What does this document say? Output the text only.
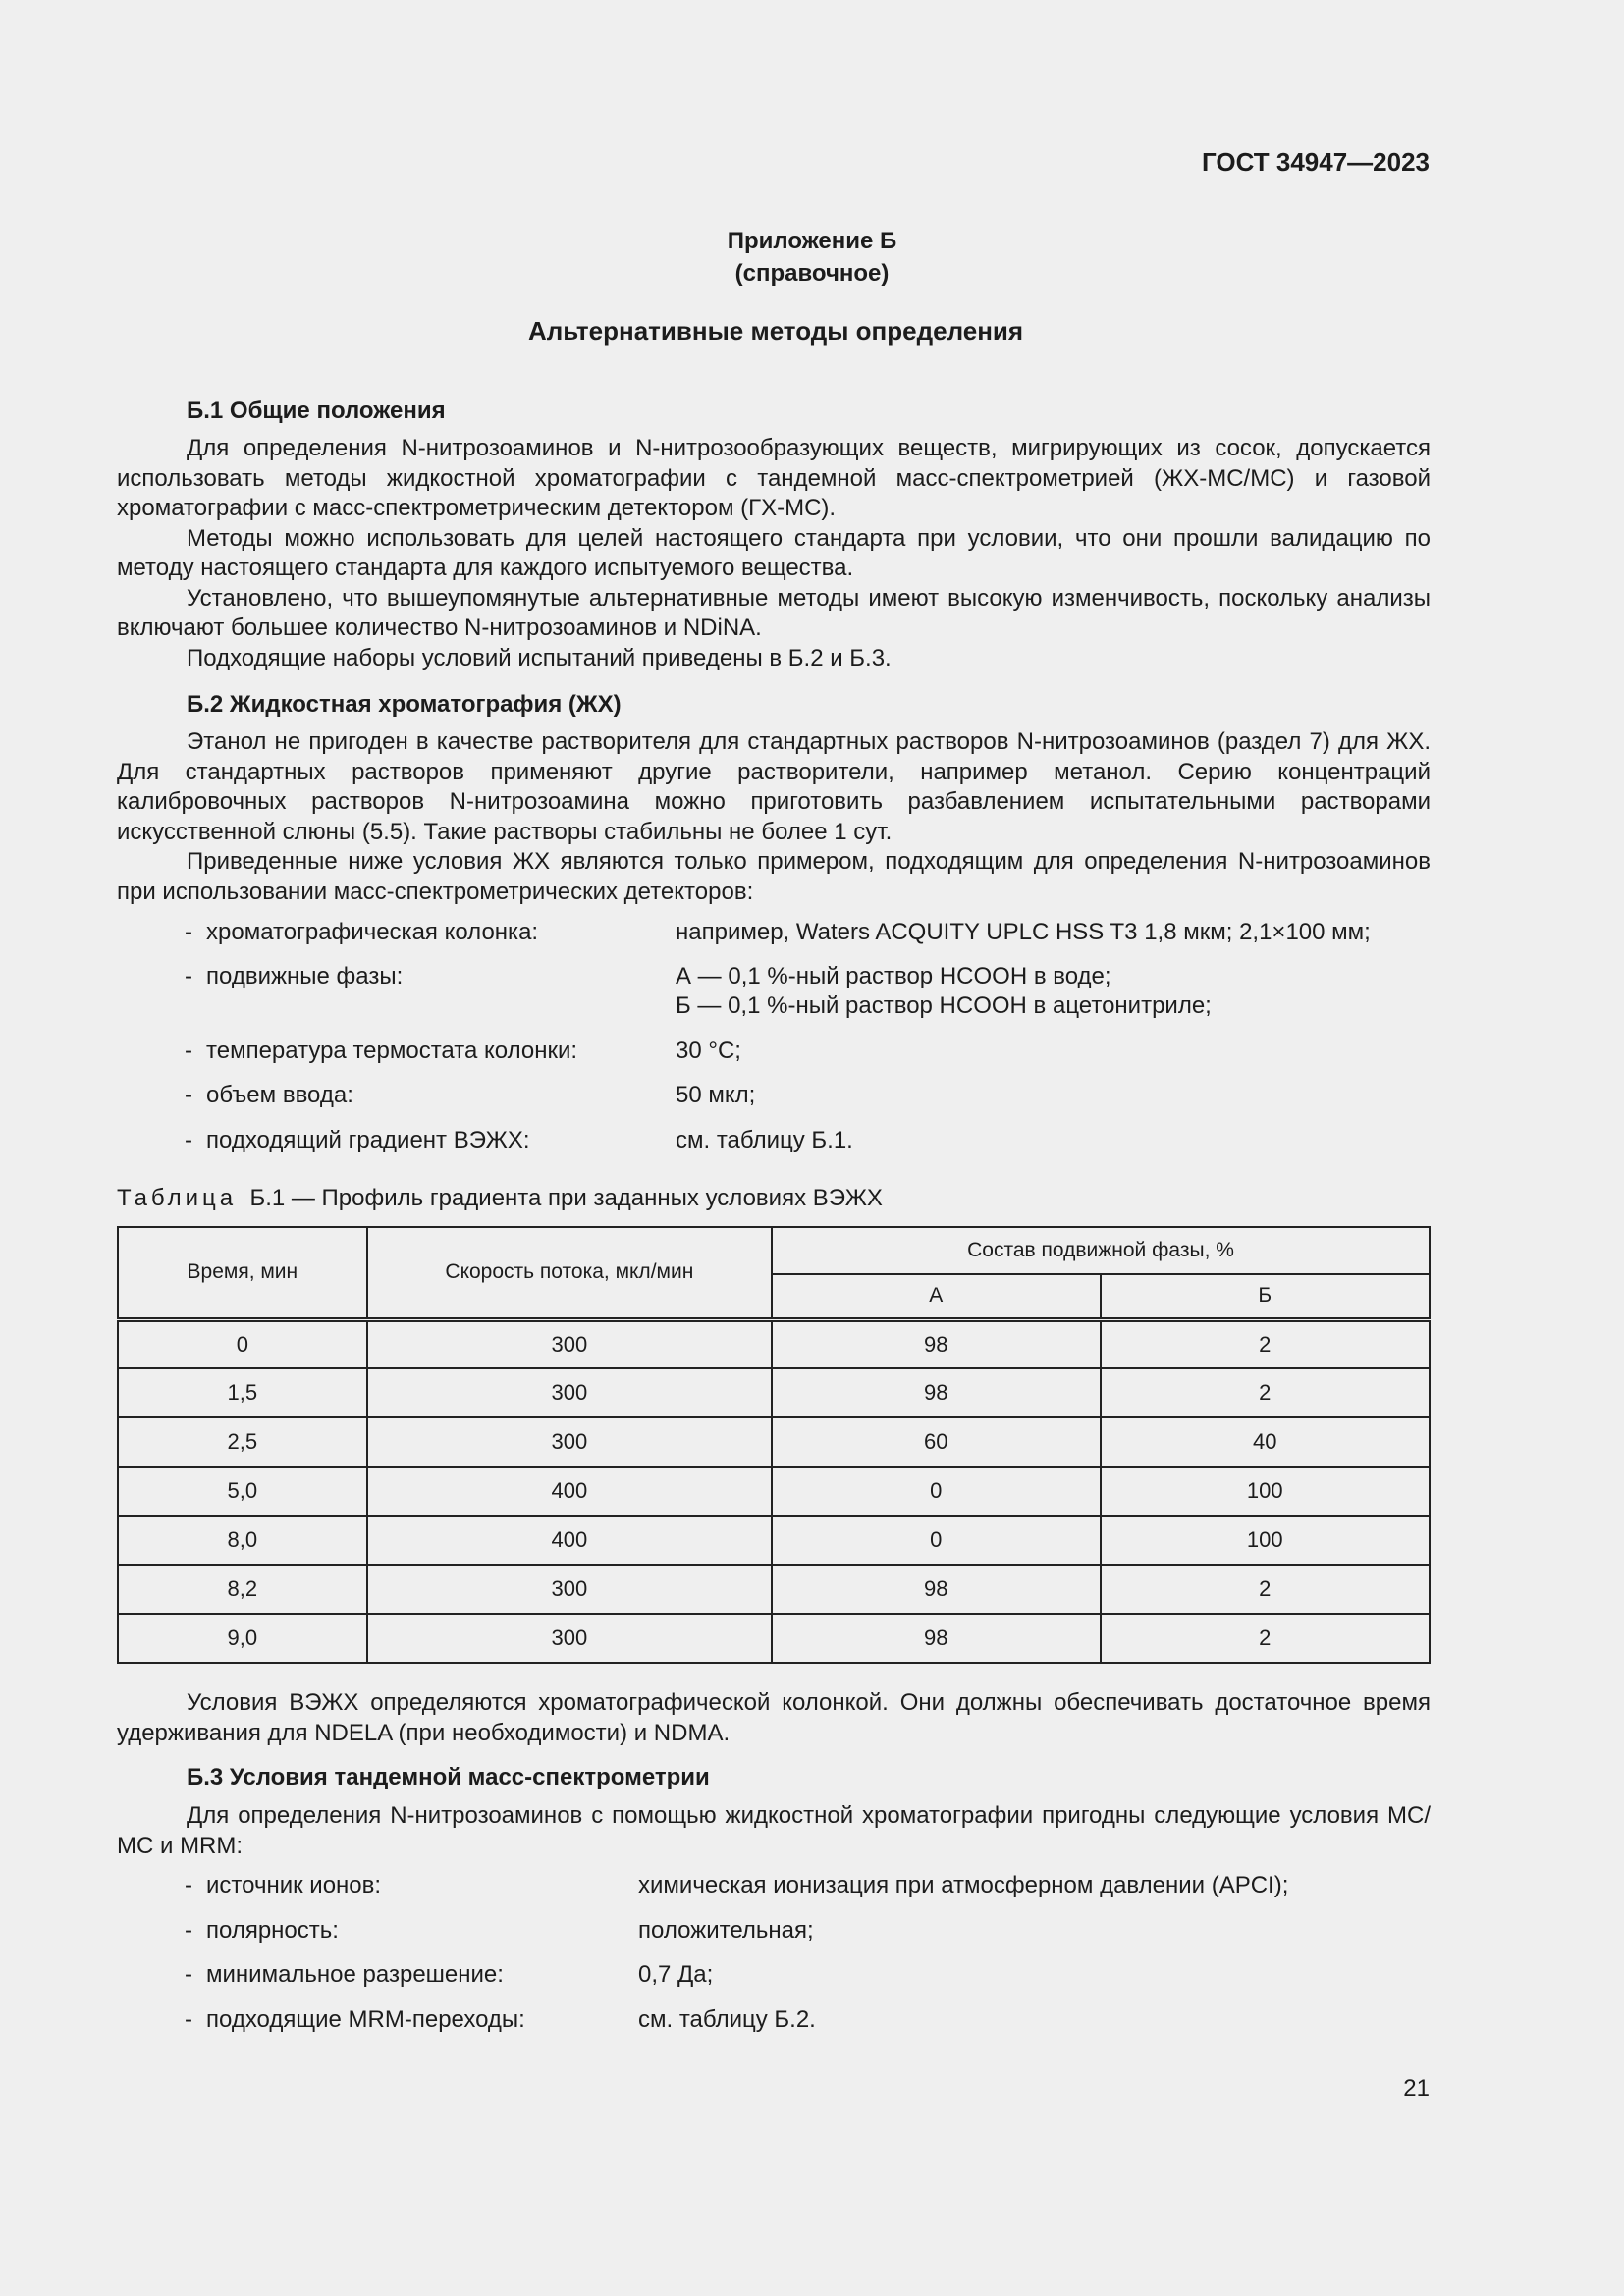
ГОСТ 34947—2023
Приложение Б
(справочное)
Альтернативные методы определения
Б.1 Общие положения

Для определения N-нитрозоаминов и N-нитрозообразующих веществ, мигрирующих из сосок, допускается использовать методы жидкостной хроматографии с тандемной масс-спектрометрией (ЖХ-МС/МС) и газовой хроматографии с масс-спектрометрическим детектором (ГХ-МС).

Методы можно использовать для целей настоящего стандарта при условии, что они прошли валидацию по методу настоящего стандарта для каждого испытуемого вещества.

Установлено, что вышеупомянутые альтернативные методы имеют высокую изменчивость, поскольку анализы включают большее количество N-нитрозоаминов и NDiNA.

Подходящие наборы условий испытаний приведены в Б.2 и Б.3.

Б.2 Жидкостная хроматография (ЖХ)

Этанол не пригоден в качестве растворителя для стандартных растворов N-нитрозоаминов (раздел 7) для ЖХ. Для стандартных растворов применяют другие растворители, например метанол. Серию концентраций калибровочных растворов N-нитрозоамина можно приготовить разбавлением испытательными растворами искусственной слюны (5.5). Такие растворы стабильны не более 1 сут.

Приведенные ниже условия ЖХ являются только примером, подходящим для определения N-нитрозоаминов при использовании масс-спектрометрических детекторов:

- хроматографическая колонка:	например, Waters ACQUITY UPLC HSS T3 1,8 мкм; 2,1×100 мм;
- подвижные фазы:	А — 0,1 %-ный раствор HCOOH в воде;
Б — 0,1 %-ный раствор HCOOH в ацетонитриле;
- температура термостата колонки:	30 °C;
- объем ввода:	50 мкл;
- подходящий градиент ВЭЖХ:	см. таблицу Б.1.
Таблица Б.1 — Профиль градиента при заданных условиях ВЭЖХ
Время, мин	Скорость потока, мкл/мин	Состав подвижной фазы, %	
		А	Б
0	300	98	2
1,5	300	98	2
2,5	300	60	40
5,0	400	0	100
8,0	400	0	100
8,2	300	98	2
9,0	300	98	2

Условия ВЭЖХ определяются хроматографической колонкой. Они должны обеспечивать достаточное время удерживания для NDELA (при необходимости) и NDMA.

Б.3 Условия тандемной масс-спектрометрии

Для определения N-нитрозоаминов с помощью жидкостной хроматографии пригодны следующие условия МС/МС и MRM:

- источник ионов:	химическая ионизация при атмосферном давлении (APCI);
- полярность:	положительная;
- минимальное разрешение:	0,7 Да;
- подходящие MRM-переходы:	см. таблицу Б.2.
21
